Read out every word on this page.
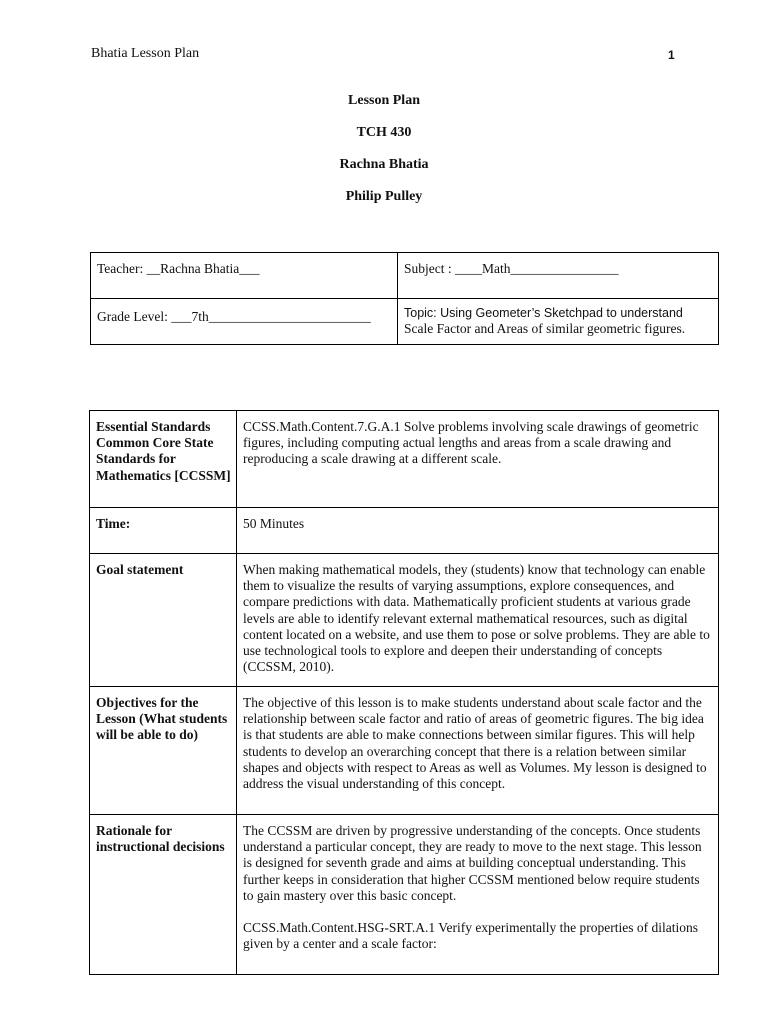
Bhatia Lesson Plan	1
Lesson Plan
TCH 430
Rachna Bhatia
Philip Pulley
Teacher: __Rachna Bhatia___	Subject : ____Math________________
Grade Level: ___7th________________________	Topic: Using Geometer’s Sketchpad to understand
Scale Factor and Areas of similar geometric figures.
Essential Standards Common Core State Standards for Mathematics [CCSSM]	CCSS.Math.Content.7.G.A.1 Solve problems involving scale drawings of geometric figures, including computing actual lengths and areas from a scale drawing and reproducing a scale drawing at a different scale.
Time:	50 Minutes
Goal statement	When making mathematical models, they (students) know that technology can enable them to visualize the results of varying assumptions, explore consequences, and compare predictions with data. Mathematically proficient students at various grade levels are able to identify relevant external mathematical resources, such as digital content located on a website, and use them to pose or solve problems. They are able to use technological tools to explore and deepen their understanding of concepts (CCSSM, 2010).
Objectives for the Lesson (What students will be able to do)	The objective of this lesson is to make students understand about scale factor and the relationship between scale factor and ratio of areas of geometric figures. The big idea is that students are able to make connections between similar figures. This will help students to develop an overarching concept that there is a relation between similar shapes and objects with respect to Areas as well as Volumes. My lesson is designed to address the visual understanding of this concept.
Rationale for instructional decisions	The CCSSM are driven by progressive understanding of the concepts. Once students understand a particular concept, they are ready to move to the next stage. This lesson is designed for seventh grade and aims at building conceptual understanding. This further keeps in consideration that higher CCSSM mentioned below require students to gain mastery over this basic concept.
CCSS.Math.Content.HSG-SRT.A.1 Verify experimentally the properties of dilations given by a center and a scale factor:
